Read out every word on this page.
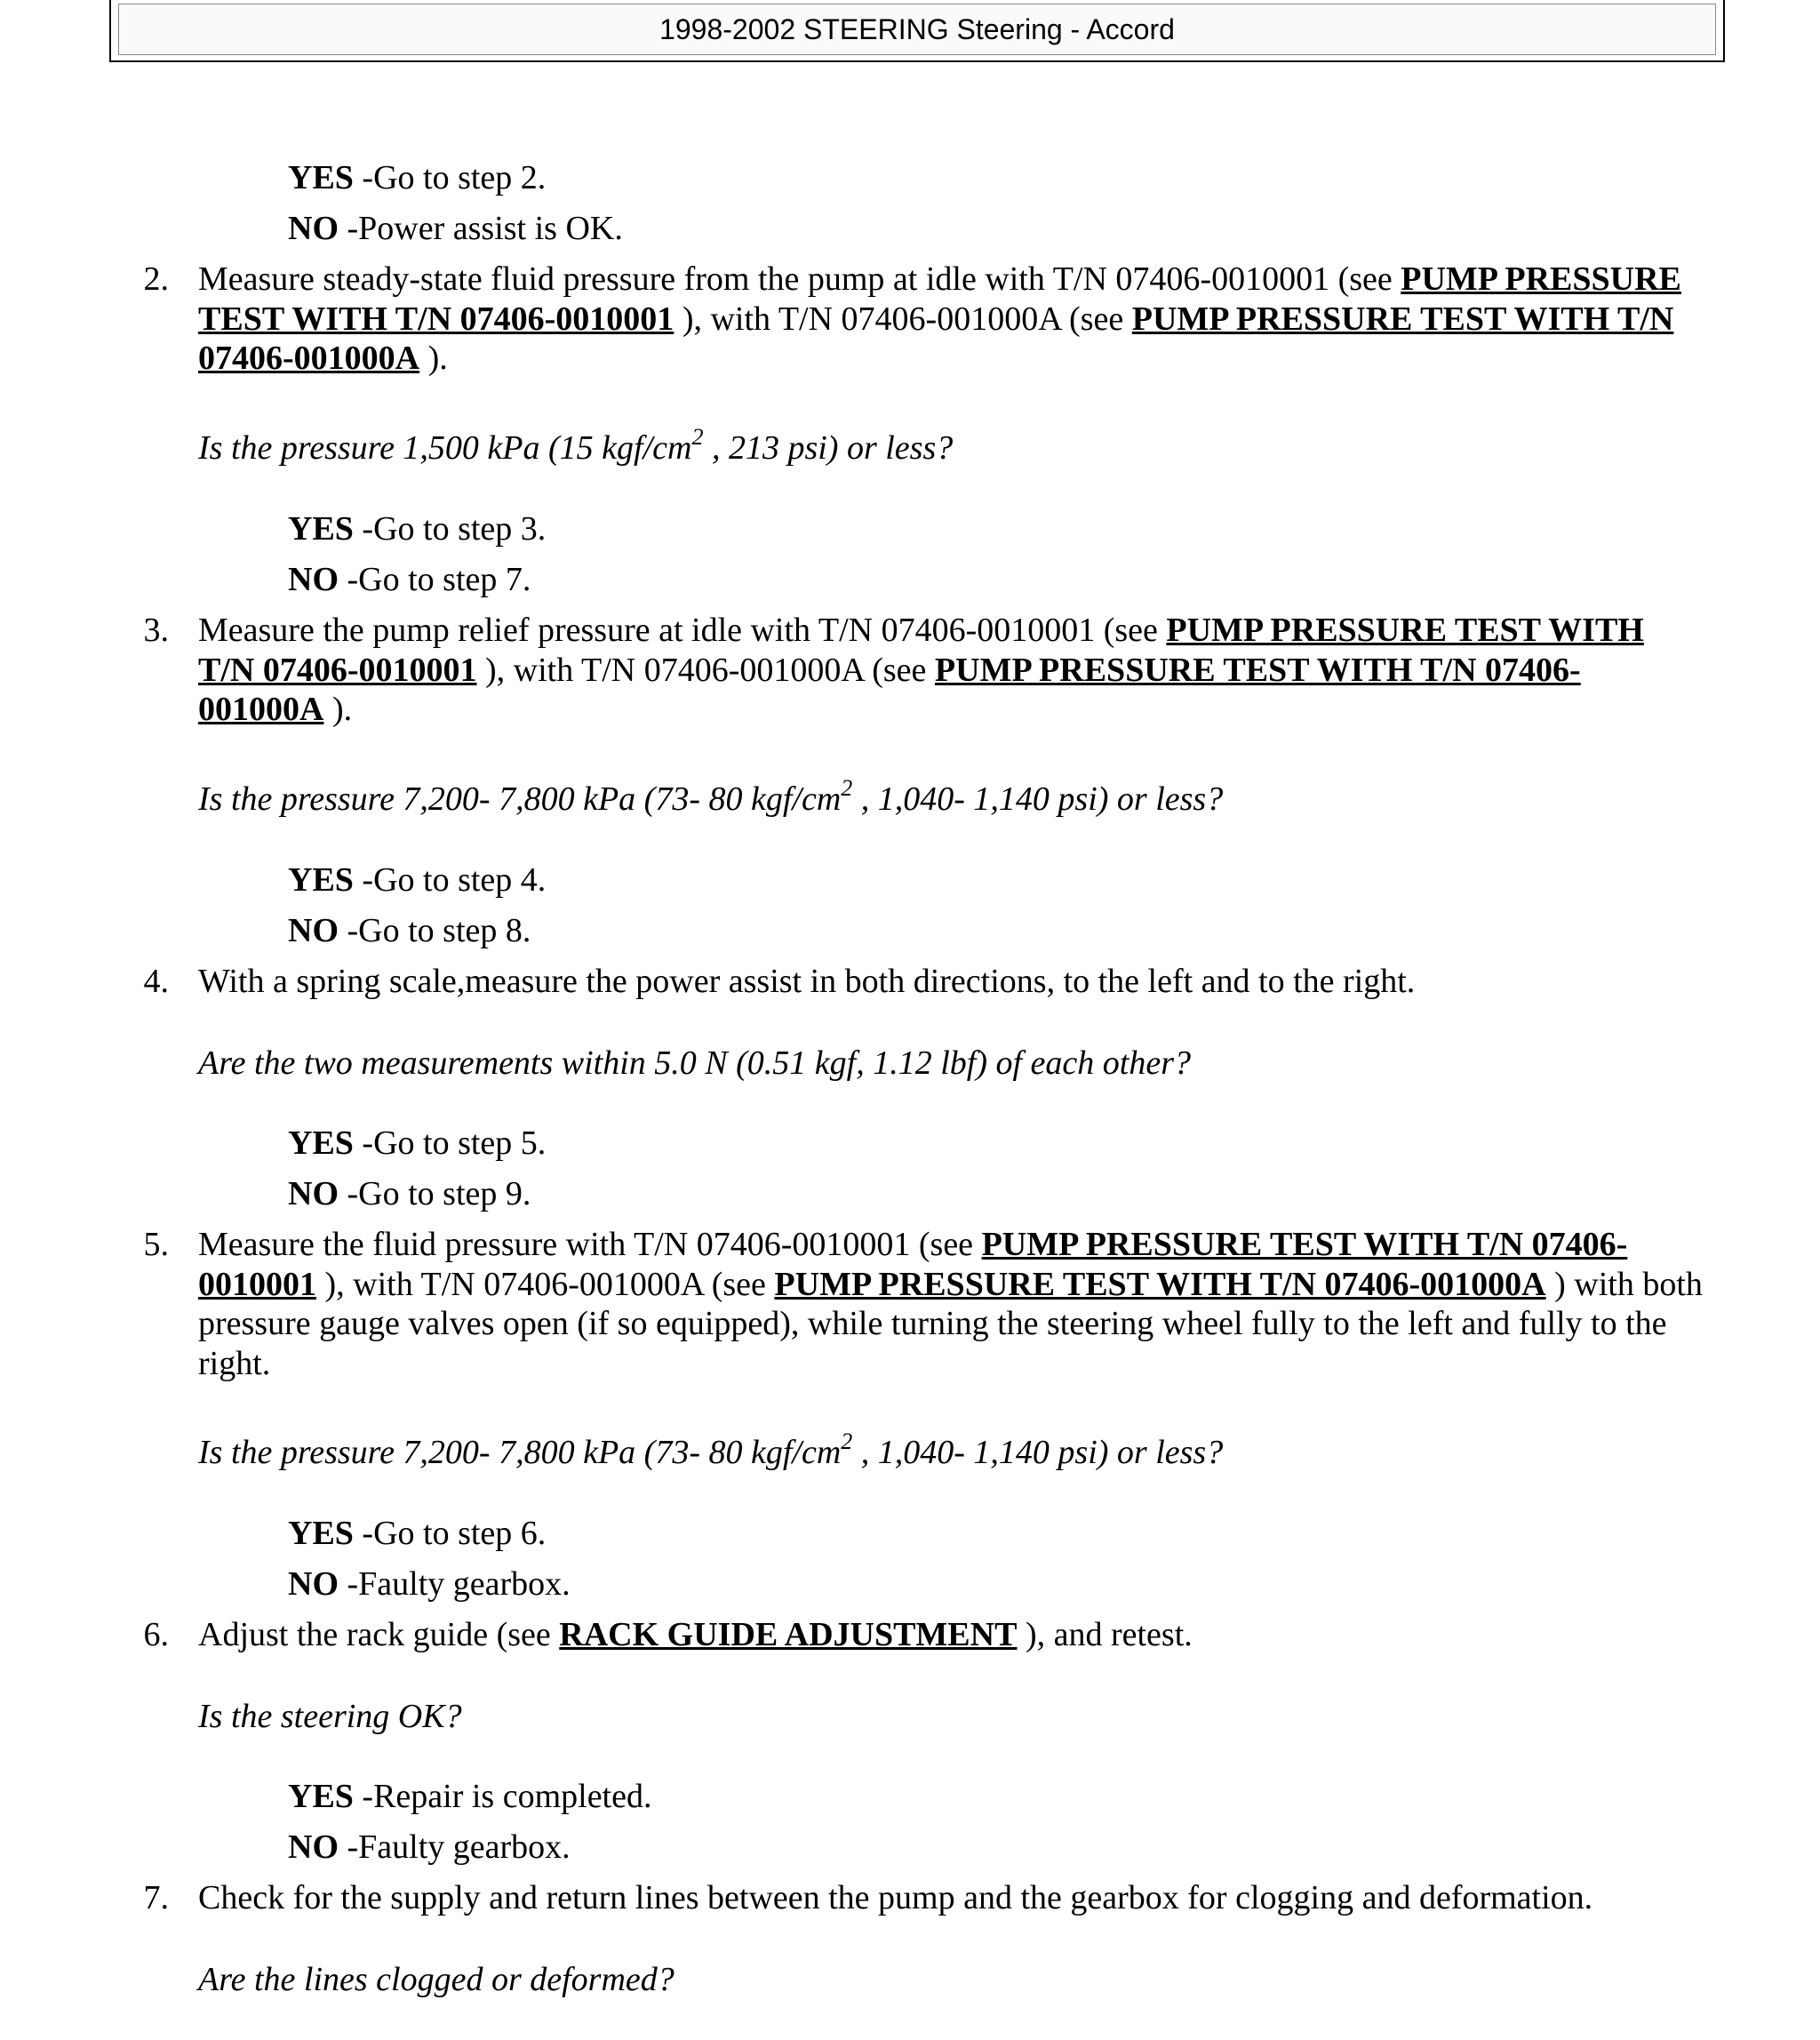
1998-2002 STEERING Steering - Accord
YES -Go to step 2.
NO -Power assist is OK.
2. Measure steady-state fluid pressure from the pump at idle with T/N 07406-0010001 (see PUMP PRESSURE TEST WITH T/N 07406-0010001 ), with T/N 07406-001000A (see PUMP PRESSURE TEST WITH T/N 07406-001000A ).
Is the pressure 1,500 kPa (15 kgf/$cm^2$ , 213 psi) or less?
YES -Go to step 3.
NO -Go to step 7.
3. Measure the pump relief pressure at idle with T/N 07406-0010001 (see PUMP PRESSURE TEST WITH T/N 07406-0010001 ), with T/N 07406-001000A (see PUMP PRESSURE TEST WITH T/N 07406-001000A ).
Is the pressure 7,200- 7,800 kPa (73- 80 kgf/$cm^2$ , 1,040- 1,140 psi) or less?
YES -Go to step 4.
NO -Go to step 8.
4. With a spring scale,measure the power assist in both directions, to the left and to the right.
Are the two measurements within 5.0 N (0.51 kgf, 1.12 lbf) of each other?
YES -Go to step 5.
NO -Go to step 9.
5. Measure the fluid pressure with T/N 07406-0010001 (see PUMP PRESSURE TEST WITH T/N 07406-0010001 ), with T/N 07406-001000A (see PUMP PRESSURE TEST WITH T/N 07406-001000A ) with both pressure gauge valves open (if so equipped), while turning the steering wheel fully to the left and fully to the right.
Is the pressure 7,200- 7,800 kPa (73- 80 kgf/$cm^2$ , 1,040- 1,140 psi) or less?
YES -Go to step 6.
NO -Faulty gearbox.
6. Adjust the rack guide (see RACK GUIDE ADJUSTMENT ), and retest.
Is the steering OK?
YES -Repair is completed.
NO -Faulty gearbox.
7. Check for the supply and return lines between the pump and the gearbox for clogging and deformation.
Are the lines clogged or deformed?
